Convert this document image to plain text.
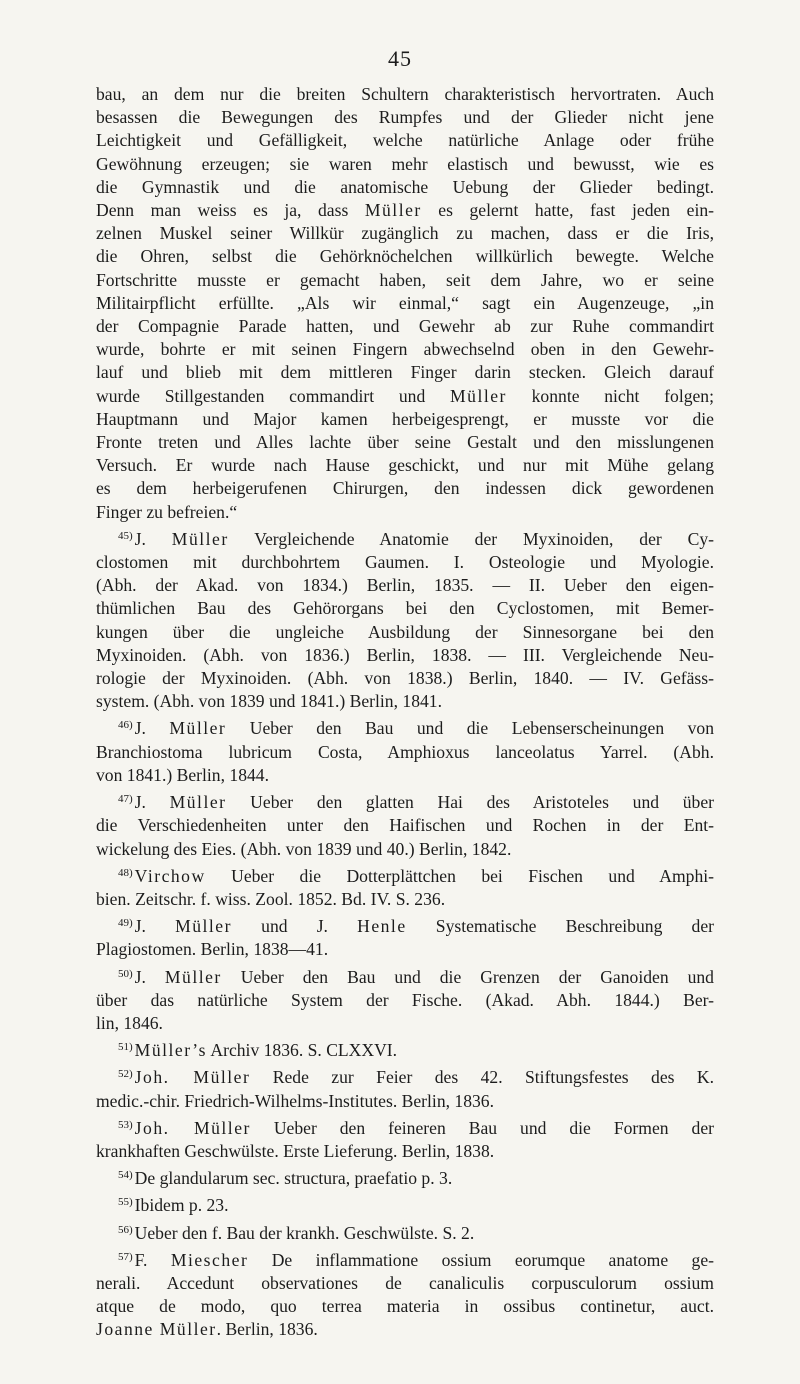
45
bau, an dem nur die breiten Schultern charakteristisch hervortraten. Auch
besassen die Bewegungen des Rumpfes und der Glieder nicht jene
Leichtigkeit und Gefälligkeit, welche natürliche Anlage oder frühe
Gewöhnung erzeugen; sie waren mehr elastisch und bewusst, wie es
die Gymnastik und die anatomische Uebung der Glieder bedingt.
Denn man weiss es ja, dass Müller es gelernt hatte, fast jeden ein-
zelnen Muskel seiner Willkür zugänglich zu machen, dass er die Iris,
die Ohren, selbst die Gehörknöchelchen willkürlich bewegte. Welche
Fortschritte musste er gemacht haben, seit dem Jahre, wo er seine
Militairpflicht erfüllte. „Als wir einmal,“ sagt ein Augenzeuge, „in
der Compagnie Parade hatten, und Gewehr ab zur Ruhe commandirt
wurde, bohrte er mit seinen Fingern abwechselnd oben in den Gewehr-
lauf und blieb mit dem mittleren Finger darin stecken. Gleich darauf
wurde Stillgestanden commandirt und Müller konnte nicht folgen;
Hauptmann und Major kamen herbeigesprengt, er musste vor die
Fronte treten und Alles lachte über seine Gestalt und den misslungenen
Versuch. Er wurde nach Hause geschickt, und nur mit Mühe gelang
es dem herbeigerufenen Chirurgen, den indessen dick gewordenen
Finger zu befreien.“
$^{45)}$ J. Müller Vergleichende Anatomie der Myxinoiden, der Cy-
clostomen mit durchbohrtem Gaumen. I. Osteologie und Myologie.
(Abh. der Akad. von 1834.) Berlin, 1835. — II. Ueber den eigen-
thümlichen Bau des Gehörorgans bei den Cyclostomen, mit Bemer-
kungen über die ungleiche Ausbildung der Sinnesorgane bei den
Myxinoiden. (Abh. von 1836.) Berlin, 1838. — III. Vergleichende Neu-
rologie der Myxinoiden. (Abh. von 1838.) Berlin, 1840. — IV. Gefäss-
system. (Abh. von 1839 und 1841.) Berlin, 1841.
$^{46)}$ J. Müller Ueber den Bau und die Lebenserscheinungen von
Branchiostoma lubricum Costa, Amphioxus lanceolatus Yarrel. (Abh.
von 1841.) Berlin, 1844.
$^{47)}$ J. Müller Ueber den glatten Hai des Aristoteles und über
die Verschiedenheiten unter den Haifischen und Rochen in der Ent-
wickelung des Eies. (Abh. von 1839 und 40.) Berlin, 1842.
$^{48)}$ Virchow Ueber die Dotterplättchen bei Fischen und Amphi-
bien. Zeitschr. f. wiss. Zool. 1852. Bd. IV. S. 236.
$^{49)}$ J. Müller und J. Henle Systematische Beschreibung der
Plagiostomen. Berlin, 1838—41.
$^{50)}$ J. Müller Ueber den Bau und die Grenzen der Ganoiden und
über das natürliche System der Fische. (Akad. Abh. 1844.) Ber-
lin, 1846.
$^{51)}$ Müller’s Archiv 1836. S. CLXXVI.
$^{52)}$ Joh. Müller Rede zur Feier des 42. Stiftungsfestes des K.
medic.-chir. Friedrich-Wilhelms-Institutes. Berlin, 1836.
$^{53)}$ Joh. Müller Ueber den feineren Bau und die Formen der
krankhaften Geschwülste. Erste Lieferung. Berlin, 1838.
$^{54)}$ De glandularum sec. structura, praefatio p. 3.
$^{55)}$ Ibidem p. 23.
$^{56)}$ Ueber den f. Bau der krankh. Geschwülste. S. 2.
$^{57)}$ F. Miescher De inflammatione ossium eorumque anatome ge-
nerali. Accedunt observationes de canaliculis corpusculorum ossium
atque de modo, quo terrea materia in ossibus continetur, auct.
Joanne Müller. Berlin, 1836.
